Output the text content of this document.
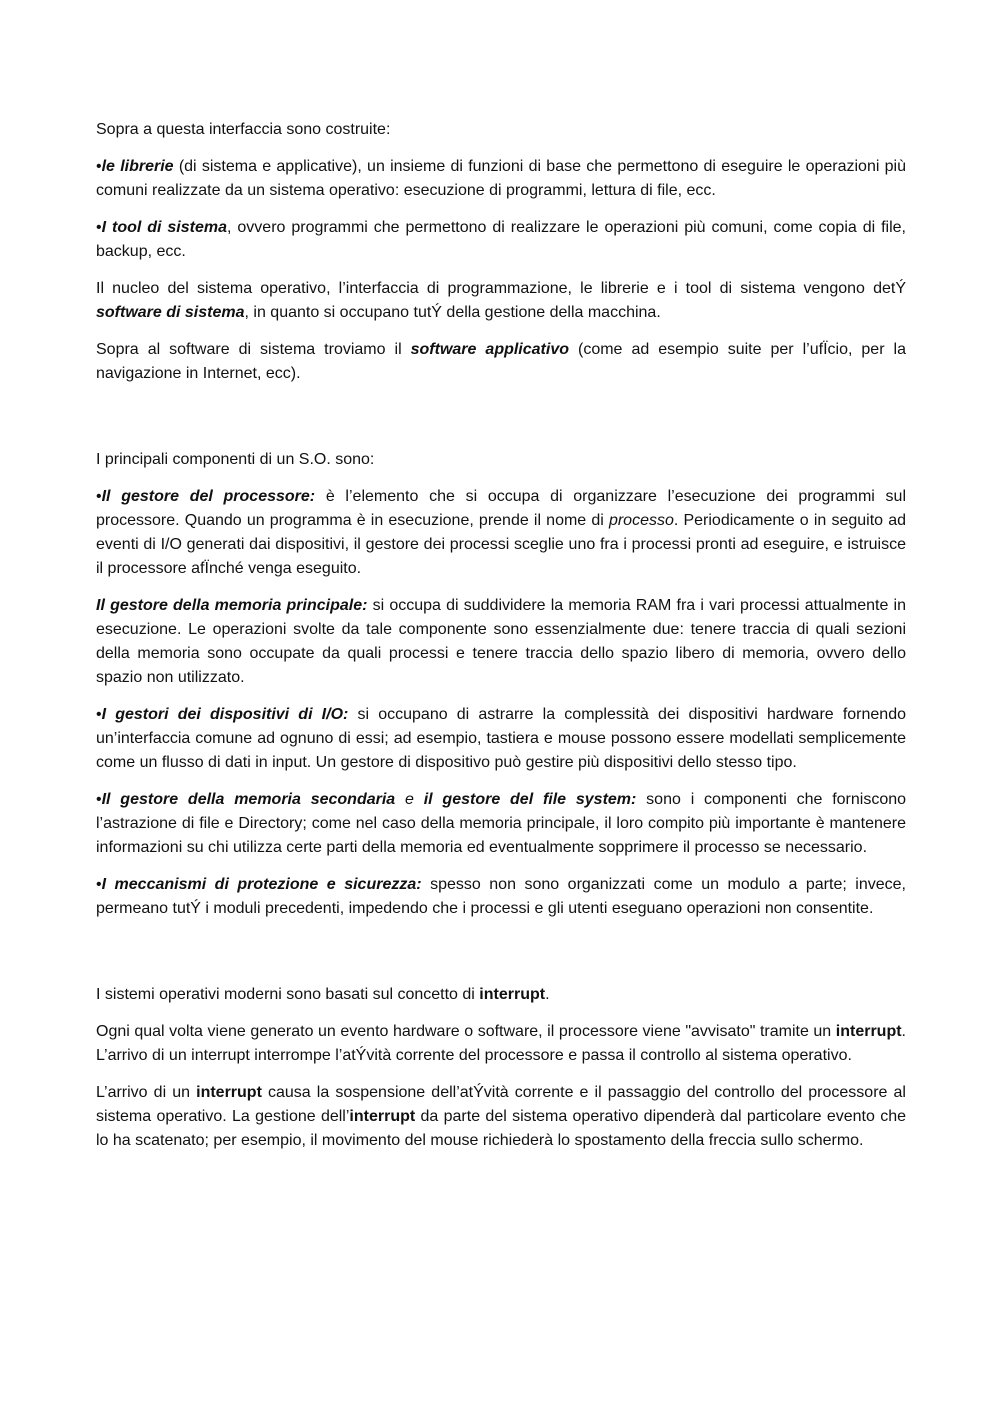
Sopra a questa interfaccia sono costruite:

•le librerie (di sistema e applicative), un insieme di funzioni di base che permettono di eseguire le operazioni più comuni realizzate da un sistema operativo: esecuzione di programmi, lettura di file, ecc.

•I tool di sistema, ovvero programmi che permettono di realizzare le operazioni più comuni, come copia di file, backup, ecc.

Il nucleo del sistema operativo, l’interfaccia di programmazione, le librerie e i tool di sistema vengono detÝ software di sistema, in quanto si occupano tutÝ della gestione della macchina.

Sopra al software di sistema troviamo il software applicativo (come ad esempio suite per l’ufÏcio, per la navigazione in Internet, ecc).

I principali componenti di un S.O. sono:

•Il gestore del processore: è l’elemento che si occupa di organizzare l’esecuzione dei programmi sul processore. Quando un programma è in esecuzione, prende il nome di processo. Periodicamente o in seguito ad eventi di I/O generati dai dispositivi, il gestore dei processi sceglie uno fra i processi pronti ad eseguire, e istruisce il processore afÏnché venga eseguito.

Il gestore della memoria principale: si occupa di suddividere la memoria RAM fra i vari processi attualmente in esecuzione. Le operazioni svolte da tale componente sono essenzialmente due: tenere traccia di quali sezioni della memoria sono occupate da quali processi e tenere traccia dello spazio libero di memoria, ovvero dello spazio non utilizzato.

•I gestori dei dispositivi di I/O: si occupano di astrarre la complessità dei dispositivi hardware fornendo un’interfaccia comune ad ognuno di essi; ad esempio, tastiera e mouse possono essere modellati semplicemente come un flusso di dati in input. Un gestore di dispositivo può gestire più dispositivi dello stesso tipo.

•Il gestore della memoria secondaria e il gestore del file system: sono i componenti che forniscono l’astrazione di file e Directory; come nel caso della memoria principale, il loro compito più importante è mantenere informazioni su chi utilizza certe parti della memoria ed eventualmente sopprimere il processo se necessario.

•I meccanismi di protezione e sicurezza: spesso non sono organizzati come un modulo a parte; invece, permeano tutÝ i moduli precedenti, impedendo che i processi e gli utenti eseguano operazioni non consentite.

I sistemi operativi moderni sono basati sul concetto di interrupt.

Ogni qual volta viene generato un evento hardware o software, il processore viene "avvisato" tramite un interrupt. L’arrivo di un interrupt interrompe l’atÝvità corrente del processore e passa il controllo al sistema operativo.

L’arrivo di un interrupt causa la sospensione dell’atÝvità corrente e il passaggio del controllo del processore al sistema operativo. La gestione dell’interrupt da parte del sistema operativo dipenderà dal particolare evento che lo ha scatenato; per esempio, il movimento del mouse richiederà lo spostamento della freccia sullo schermo.
